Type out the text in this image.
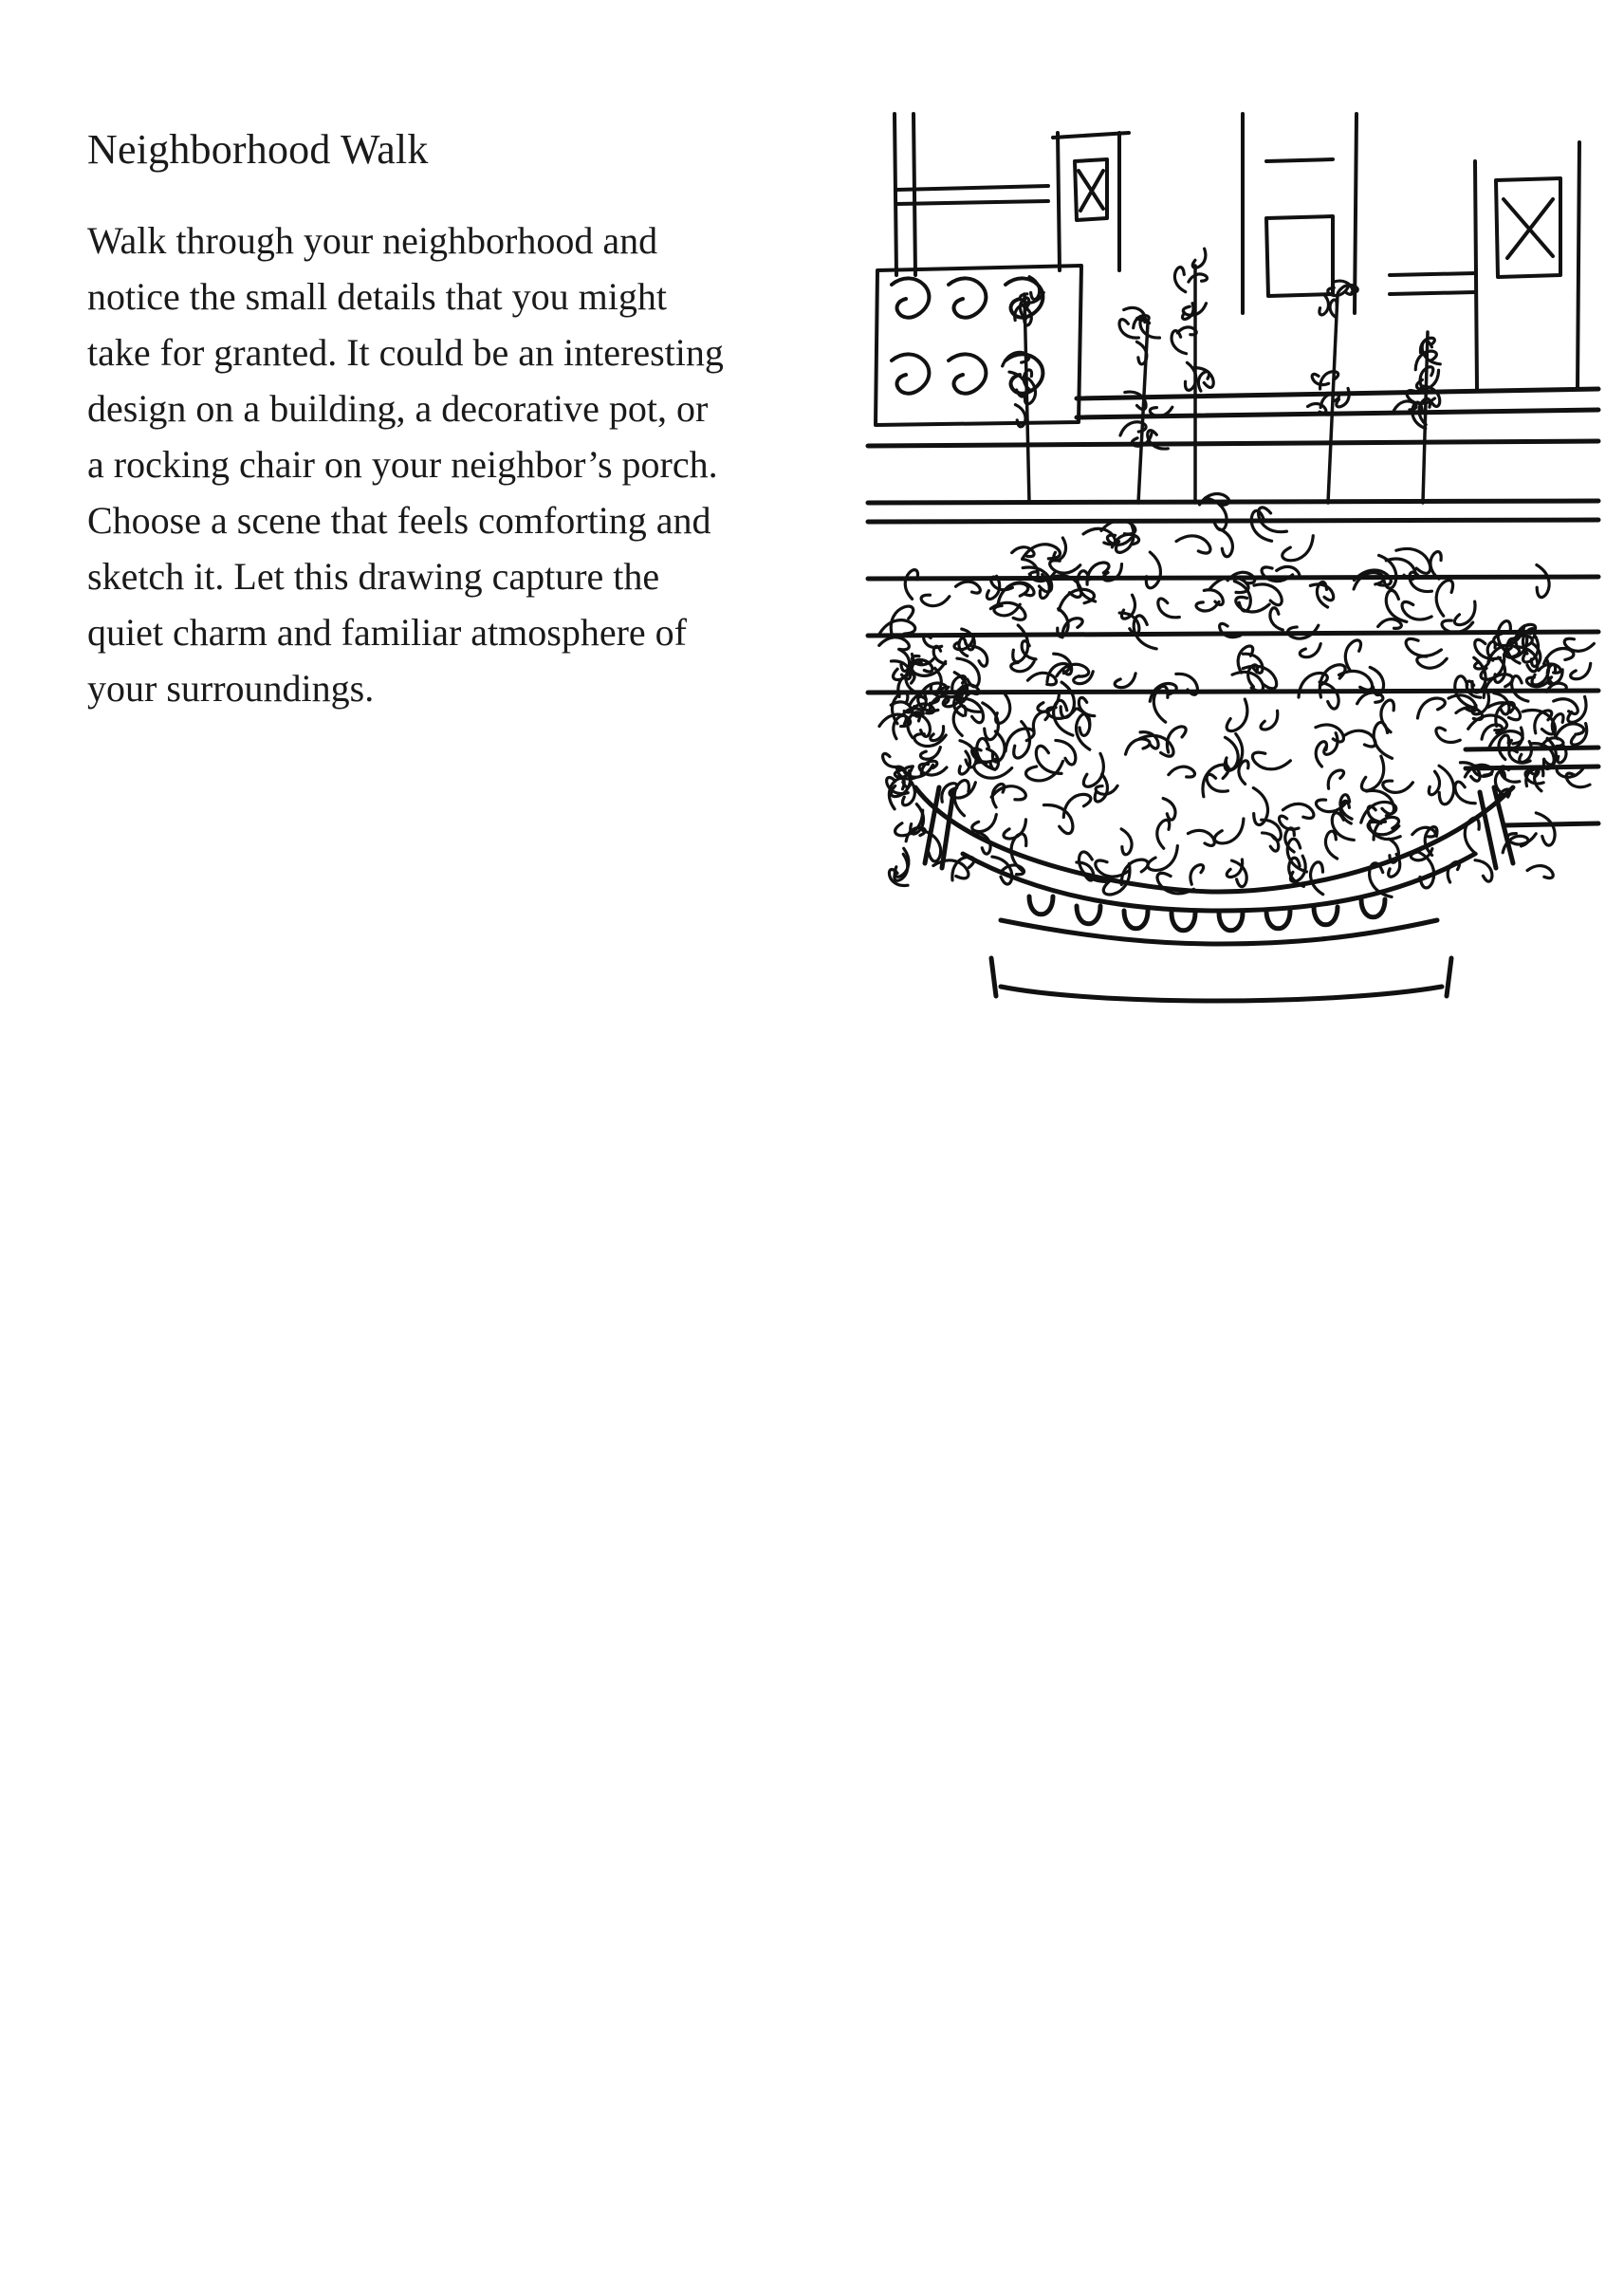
Neighborhood Walk

Walk through your neighborhood and

notice the small details that you might

take for granted. It could be an interesting

design on a building, a decorative pot, or

a rocking chair on your neighbor’s porch.

Choose a scene that feels comforting and

sketch it. Let this drawing capture the

quiet charm and familiar atmosphere of

your surroundings.
